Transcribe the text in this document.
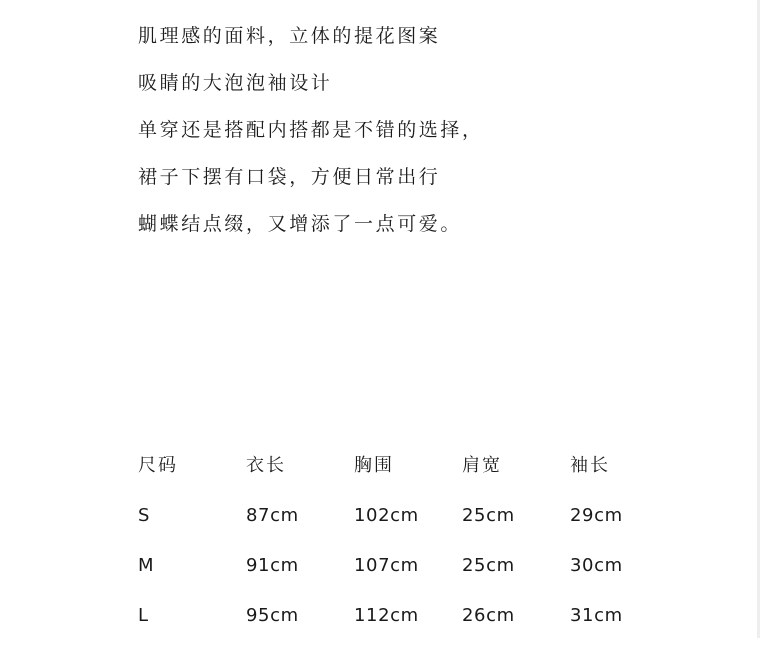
肌理感的面料，立体的提花图案
吸睛的大泡泡袖设计
单穿还是搭配内搭都是不错的选择，
裙子下摆有口袋，方便日常出行
蝴蝶结点缀，又增添了一点可爱。
尺码	衣长	胸围	肩宽	袖长
S	87cm	102cm	25cm	29cm
M	91cm	107cm	25cm	30cm
L	95cm	112cm	26cm	31cm
